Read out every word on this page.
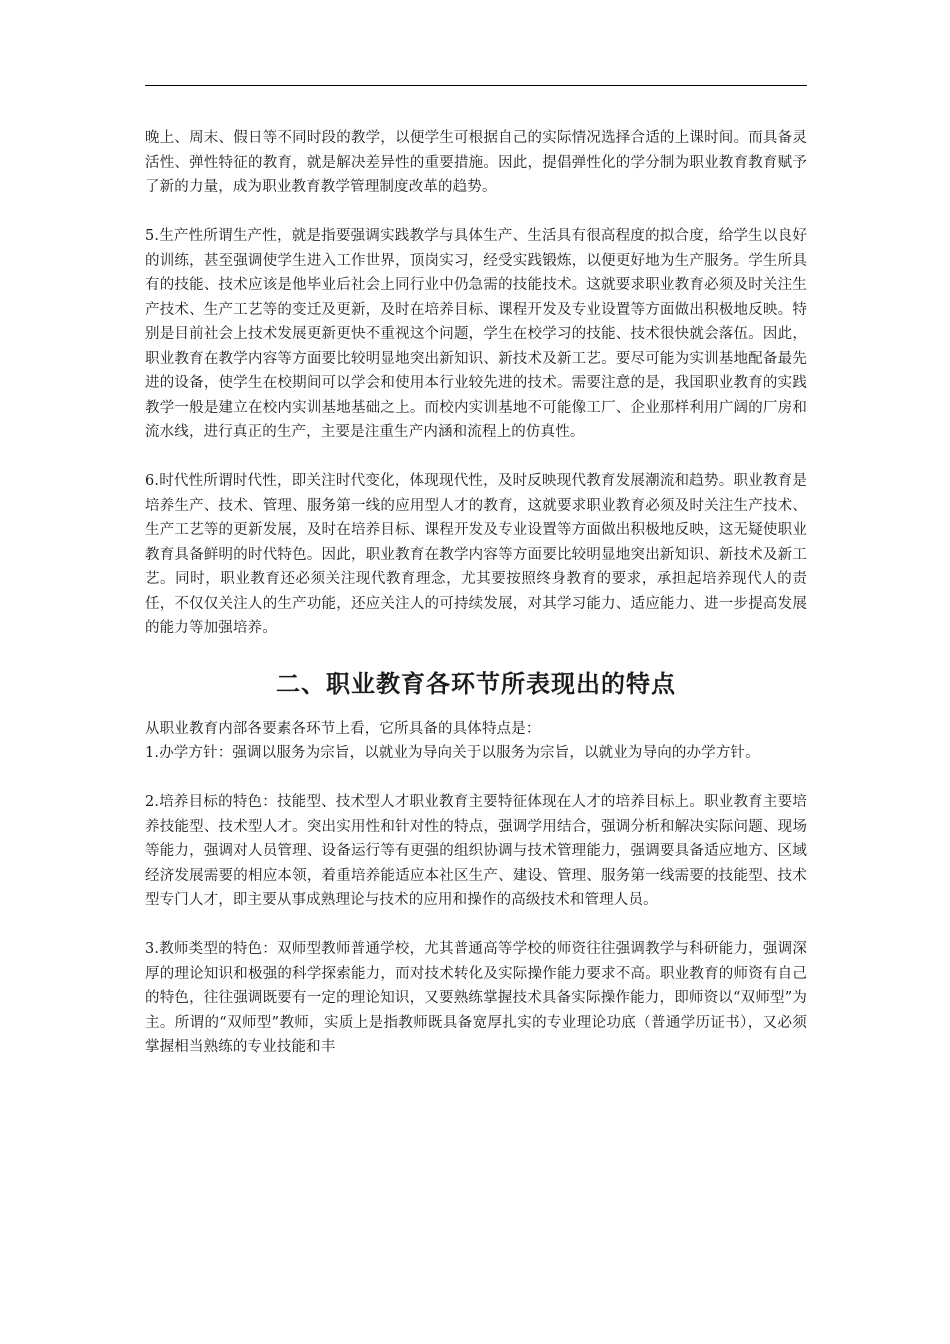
晚上、周末、假日等不同时段的教学，以便学生可根据自己的实际情况选择合适的上课时间。而具备灵活性、弹性特征的教育，就是解决差异性的重要措施。因此，提倡弹性化的学分制为职业教育教育赋予了新的力量，成为职业教育教学管理制度改革的趋势。

5.生产性所谓生产性，就是指要强调实践教学与具体生产、生活具有很高程度的拟合度，给学生以良好的训练，甚至强调使学生进入工作世界，顶岗实习，经受实践锻炼，以便更好地为生产服务。学生所具有的技能、技术应该是他毕业后社会上同行业中仍急需的技能技术。这就要求职业教育必须及时关注生产技术、生产工艺等的变迁及更新，及时在培养目标、课程开发及专业设置等方面做出积极地反映。特别是目前社会上技术发展更新更快不重视这个问题，学生在校学习的技能、技术很快就会落伍。因此，职业教育在教学内容等方面要比较明显地突出新知识、新技术及新工艺。要尽可能为实训基地配备最先进的设备，使学生在校期间可以学会和使用本行业较先进的技术。需要注意的是，我国职业教育的实践教学一般是建立在校内实训基地基础之上。而校内实训基地不可能像工厂、企业那样利用广阔的厂房和流水线，进行真正的生产，主要是注重生产内涵和流程上的仿真性。

6.时代性所谓时代性，即关注时代变化，体现现代性，及时反映现代教育发展潮流和趋势。职业教育是培养生产、技术、管理、服务第一线的应用型人才的教育，这就要求职业教育必须及时关注生产技术、生产工艺等的更新发展，及时在培养目标、课程开发及专业设置等方面做出积极地反映，这无疑使职业教育具备鲜明的时代特色。因此，职业教育在教学内容等方面要比较明显地突出新知识、新技术及新工艺。同时，职业教育还必须关注现代教育理念，尤其要按照终身教育的要求，承担起培养现代人的责任，不仅仅关注人的生产功能，还应关注人的可持续发展，对其学习能力、适应能力、进一步提高发展的能力等加强培养。

二、职业教育各环节所表现出的特点

从职业教育内部各要素各环节上看，它所具备的具体特点是：

1.办学方针：强调以服务为宗旨，以就业为导向关于以服务为宗旨，以就业为导向的办学方针。

2.培养目标的特色：技能型、技术型人才职业教育主要特征体现在人才的培养目标上。职业教育主要培养技能型、技术型人才。突出实用性和针对性的特点，强调学用结合，强调分析和解决实际问题、现场等能力，强调对人员管理、设备运行等有更强的组织协调与技术管理能力，强调要具备适应地方、区域经济发展需要的相应本领，着重培养能适应本社区生产、建设、管理、服务第一线需要的技能型、技术型专门人才，即主要从事成熟理论与技术的应用和操作的高级技术和管理人员。

3.教师类型的特色：双师型教师普通学校，尤其普通高等学校的师资往往强调教学与科研能力，强调深厚的理论知识和极强的科学探索能力，而对技术转化及实际操作能力要求不高。职业教育的师资有自己的特色，往往强调既要有一定的理论知识，又要熟练掌握技术具备实际操作能力，即师资以“双师型”为主。所谓的“双师型”教师，实质上是指教师既具备宽厚扎实的专业理论功底（普通学历证书），又必须掌握相当熟练的专业技能和丰
